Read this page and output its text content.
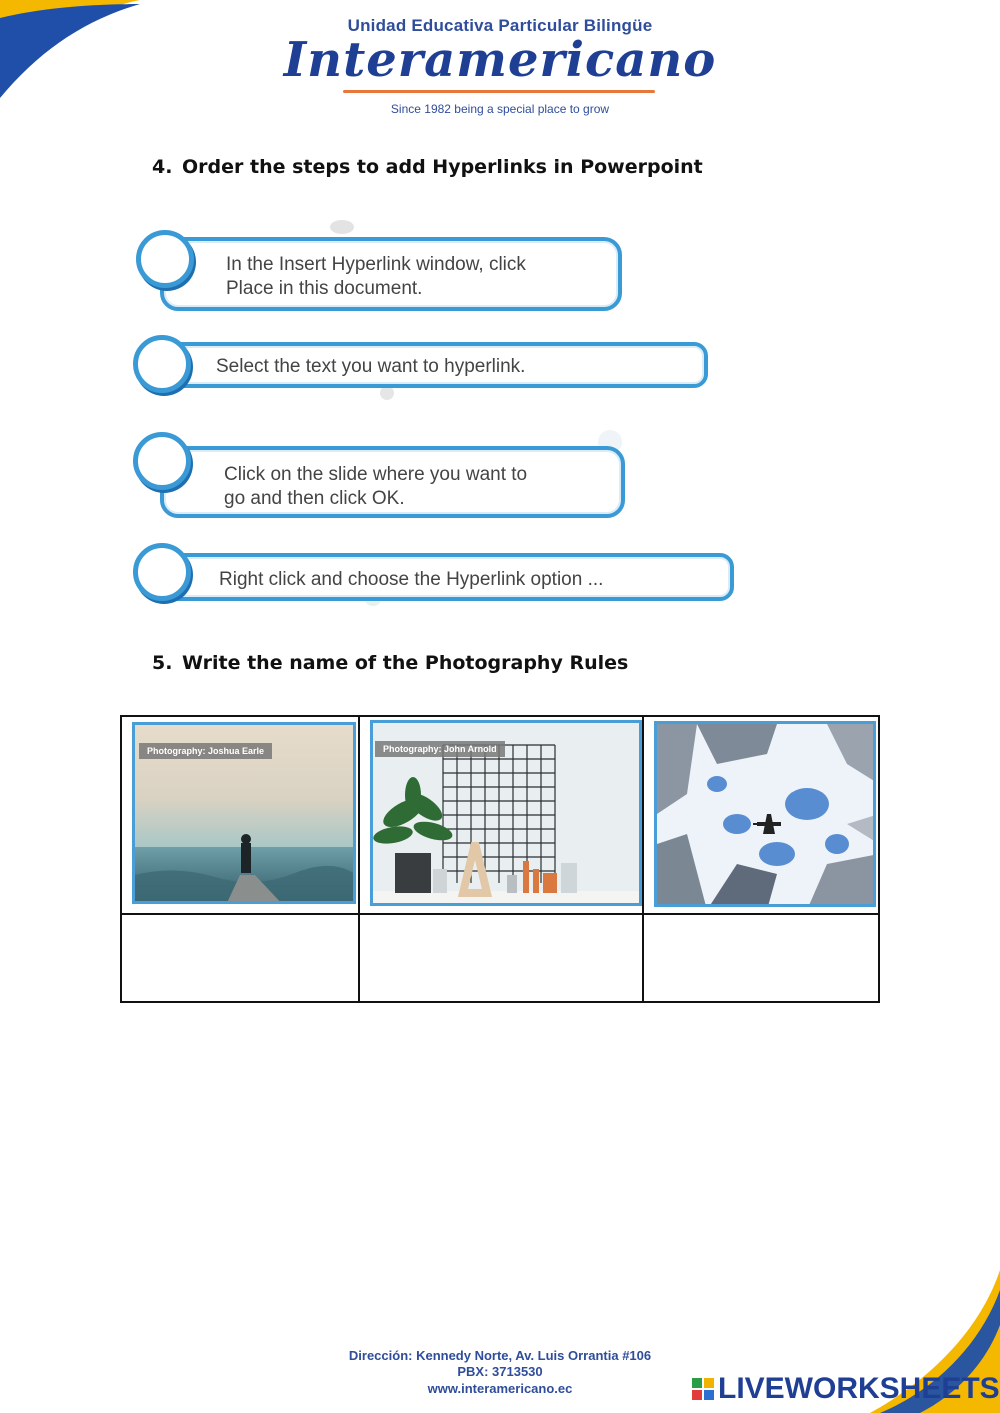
Unidad Educativa Particular Bilingüe
Interamericano
Since 1982 being a special place to grow
4. Order the steps to add Hyperlinks in Powerpoint
In the Insert Hyperlink window, click
Place in this document.
Select the text you want to hyperlink.
Click on the slide where you want to
go and then click OK.
Right click and choose the Hyperlink option ...
5. Write the name of the Photography Rules
Photography: Joshua Earle	Photography: John Arnold

Dirección: Kennedy Norte, Av. Luis Orrantia #106
PBX: 3713530
www.interamericano.ec	LIVEWORKSHEETS
